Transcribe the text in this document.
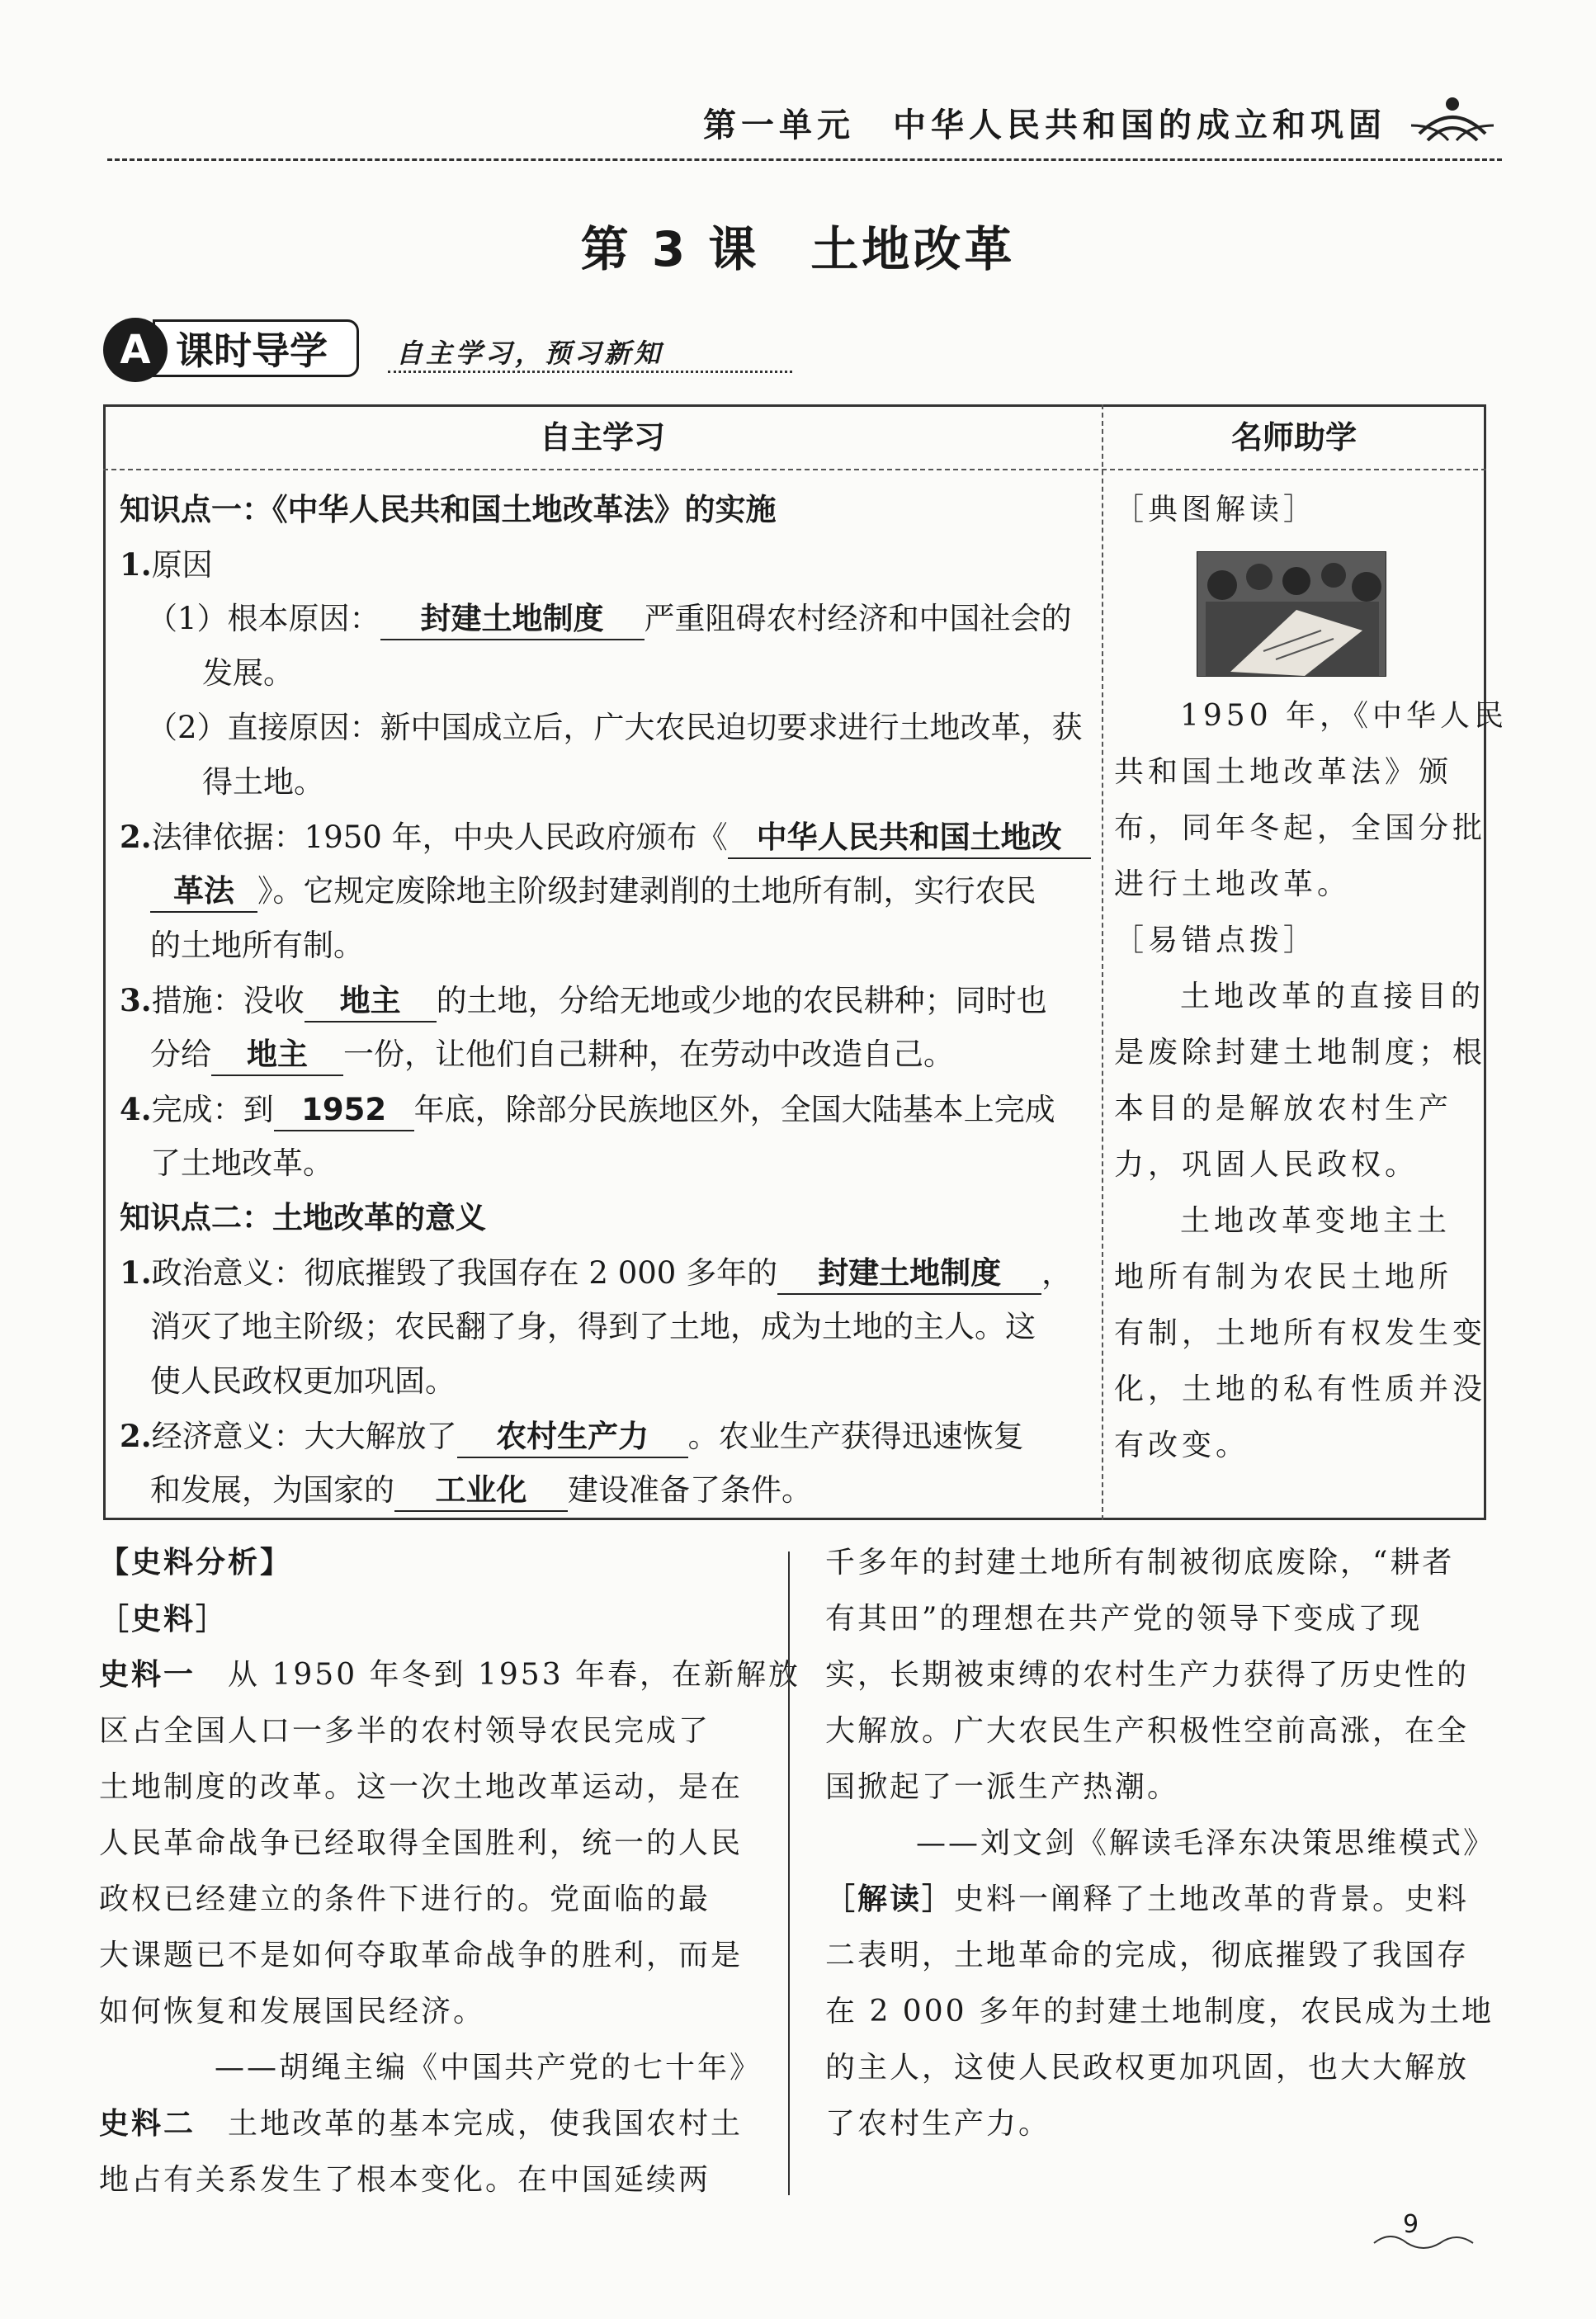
第一单元　中华人民共和国的成立和巩固
第 3 课　土地改革
课时导学
A	自主学习，预习新知
自主学习	名师助学
知识点一：《中华人民共和国土地改革法》的实施
1.原因
（1）根本原因： 封建土地制度 严重阻碍农村经济和中国社会的
发展。
（2）直接原因：新中国成立后，广大农民迫切要求进行土地改革，获
得土地。
2.法律依据：1950 年，中央人民政府颁布《 中华人民共和国土地改
革法 》。它规定废除地主阶级封建剥削的土地所有制，实行农民
的土地所有制。
3.措施：没收 地主 的土地，分给无地或少地的农民耕种；同时也
分给 地主 一份，让他们自己耕种，在劳动中改造自己。
4.完成：到 1952 年底，除部分民族地区外，全国大陆基本上完成
了土地改革。
知识点二：土地改革的意义
1.政治意义：彻底摧毁了我国存在 2 000 多年的 封建土地制度 ，
消灭了地主阶级；农民翻了身，得到了土地，成为土地的主人。这
使人民政权更加巩固。
2.经济意义：大大解放了 农村生产力 。农业生产获得迅速恢复
和发展，为国家的 工业化 建设准备了条件。
［典图解读］
1950 年，《中华人民
共和国土地改革法》颁
布，同年冬起，全国分批
进行土地改革。
［易错点拨］
土地改革的直接目的
是废除封建土地制度；根
本目的是解放农村生产
力，巩固人民政权。
土地改革变地主土
地所有制为农民土地所
有制，土地所有权发生变
化，土地的私有性质并没
有改变。
【史料分析】
［史料］
史料一　 从 1950 年冬到 1953 年春，在新解放
区占全国人口一多半的农村领导农民完成了
土地制度的改革。这一次土地改革运动，是在
人民革命战争已经取得全国胜利，统一的人民
政权已经建立的条件下进行的。党面临的最
大课题已不是如何夺取革命战争的胜利，而是
如何恢复和发展国民经济。
——胡绳主编《中国共产党的七十年》
史料二　 土地改革的基本完成，使我国农村土
地占有关系发生了根本变化。在中国延续两
千多年的封建土地所有制被彻底废除，“耕者
有其田”的理想在共产党的领导下变成了现
实，长期被束缚的农村生产力获得了历史性的
大解放。广大农民生产积极性空前高涨，在全
国掀起了一派生产热潮。
——刘文剑《解读毛泽东决策思维模式》
［解读］史料一阐释了土地改革的背景。史料
二表明，土地革命的完成，彻底摧毁了我国存
在 2 000 多年的封建土地制度，农民成为土地
的主人，这使人民政权更加巩固，也大大解放
了农村生产力。
9
